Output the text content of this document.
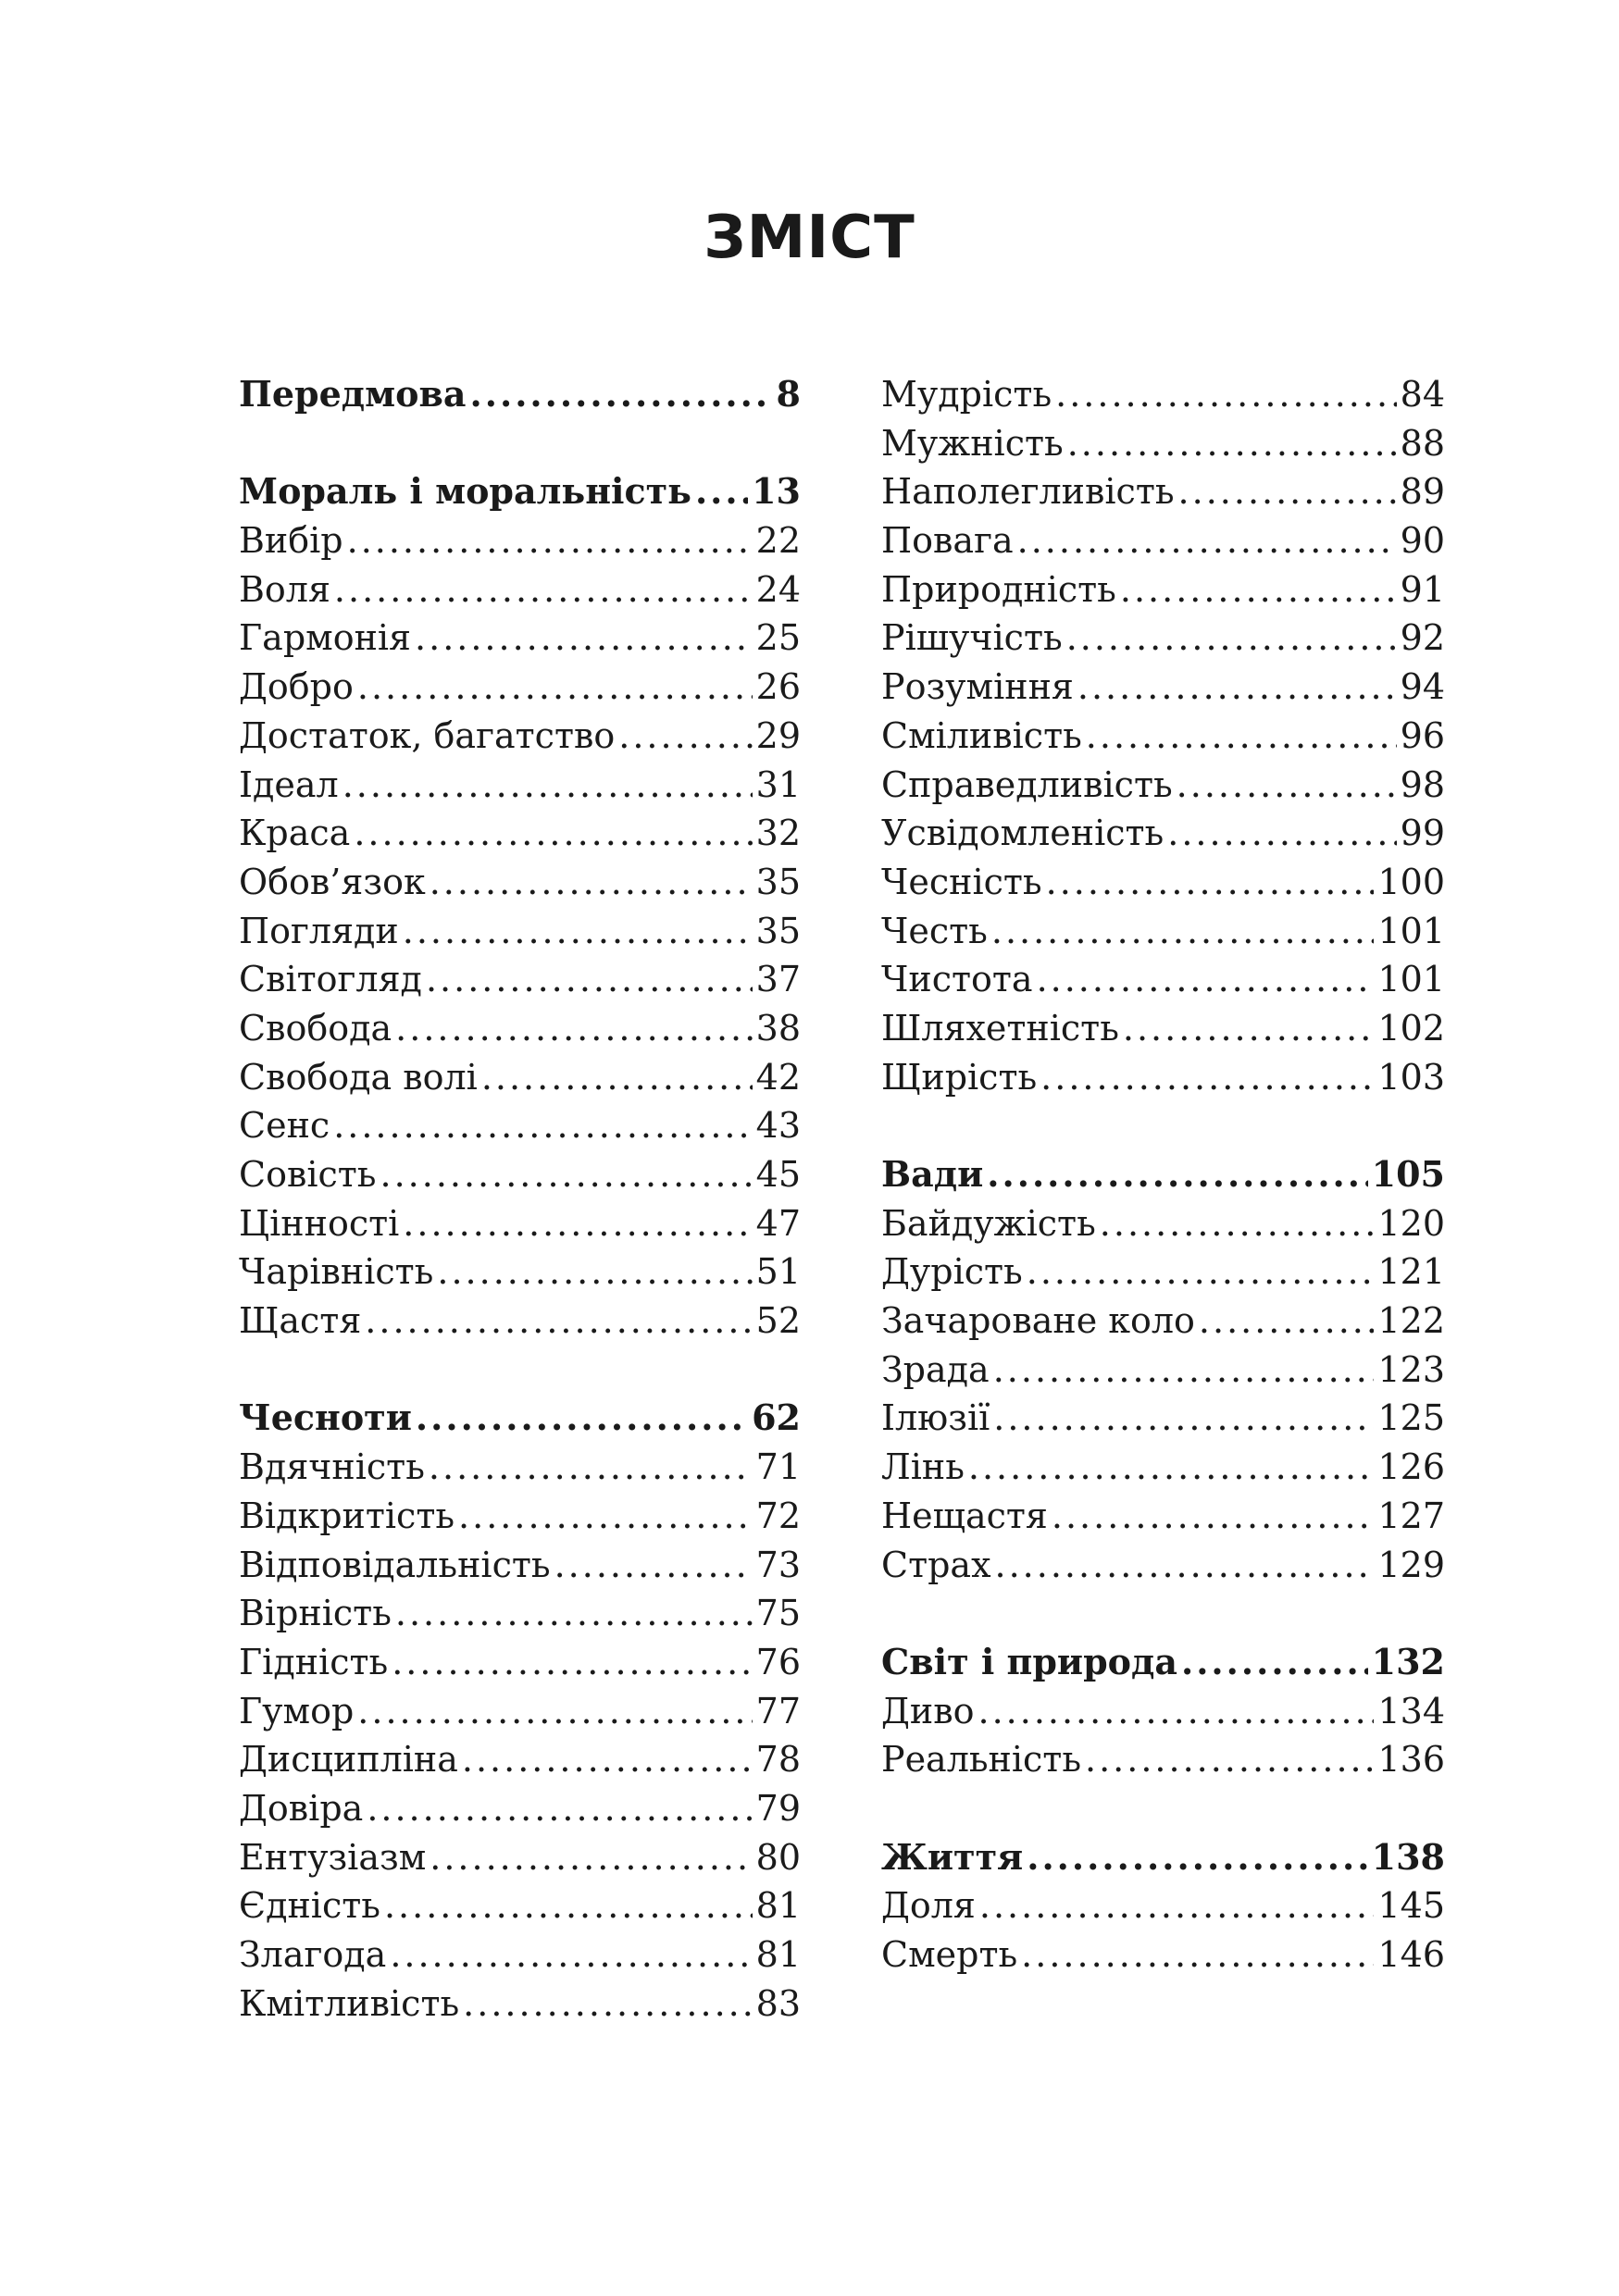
ЗМІСТ
Передмова .....	8
Мораль і моральність ..... 13
Вибір .....	22
Воля .....	24
Гармонія .....	25
Добро .....	26
Достаток, багатство .....	29
Ідеал .....	31
Краса .....	32
Обов’язок .....	35
Погляди .....	35
Світогляд .....	37
Свобода .....	38
Свобода волі .....	42
Сенс .....	43
Совість .....	45
Цінності .....	47
Чарівність .....	51
Щастя .....	52
Чесноти .....	62
Вдячність .....	71
Відкритість .....	72
Відповідальність .....	73
Вірність .....	75
Гідність .....	76
Гумор .....	77
Дисципліна .....	78
Довіра .....	79
Ентузіазм .....	80
Єдність .....	81
Злагода .....	81
Кмітливість .....	83
Мудрість .....	84
Мужність .....	88
Наполегливість .....	89
Повага .....	90
Природність .....	91
Рішучість .....	92
Розуміння .....	94
Сміливість .....	96
Справедливість .....	98
Усвідомленість .....	99
Чесність .....	100
Честь .....	101
Чистота .....	101
Шляхетність .....	102
Щирість .....	103
Вади .....	105
Байдужість .....	120
Дурість .....	121
Зачароване коло .....	122
Зрада .....	123
Ілюзії .....	125
Лінь .....	126
Нещастя .....	127
Страх .....	129
Світ і природа .....	132
Диво .....	134
Реальність .....	136
Життя .....	138
Доля .....	145
Смерть .....	146
